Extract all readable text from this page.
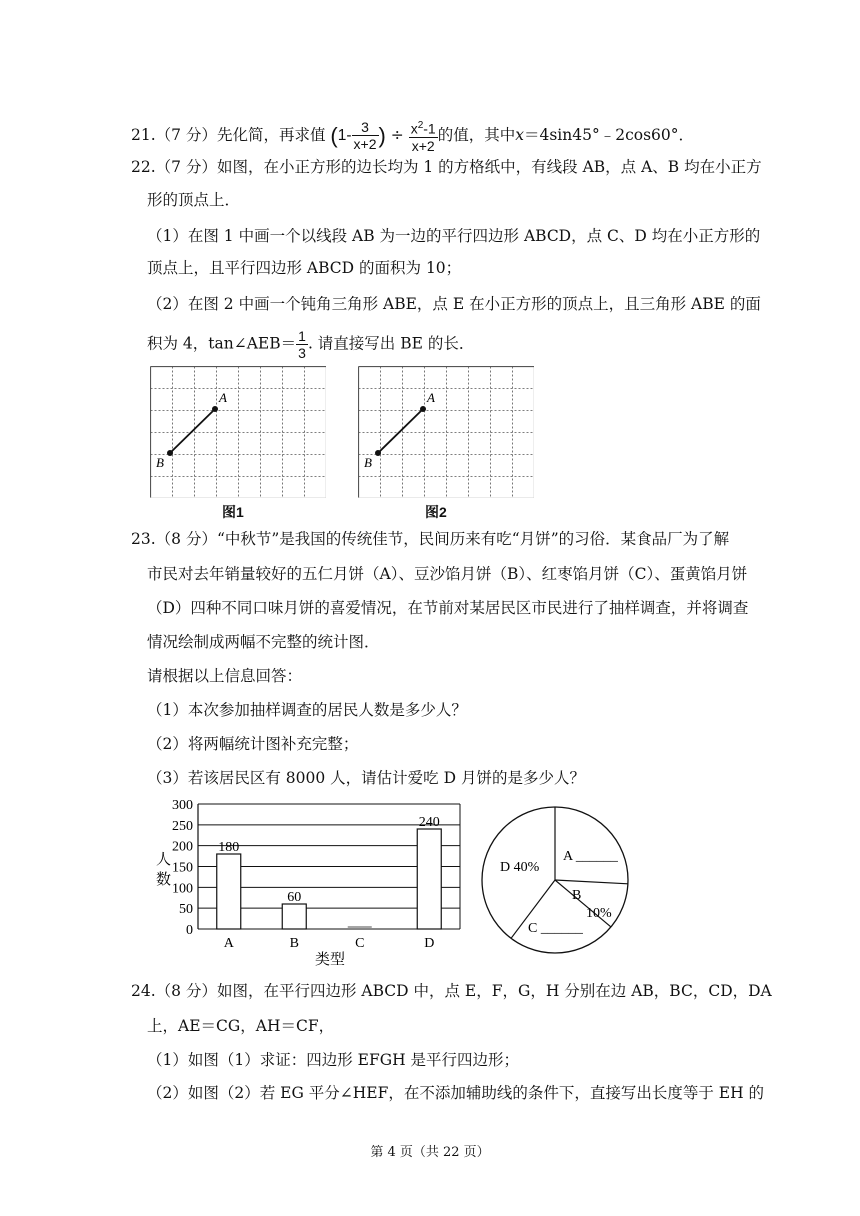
21.（7 分）先化简，再求值 ($1- \frac{3}{x+2}$ ) ÷ $\frac{x^2-1}{x+2}$ 的值，其中x＝4sin45°﹣2cos60°．
22.（7 分）如图，在小正方形的边长均为 1 的方格纸中，有线段 AB，点 A、B 均在小正方
形的顶点上．
（1）在图 1 中画一个以线段 AB 为一边的平行四边形 ABCD，点 C、D 均在小正方形的
顶点上，且平行四边形 ABCD 的面积为 10；
（2）在图 2 中画一个钝角三角形 ABE，点 E 在小正方形的顶点上，且三角形 ABE 的面
积为 4，tan∠AEB＝ $\frac{1}{3}$ . 请直接写出 BE 的长．
A
B
A
B
图1	图2
23.（8 分）“中秋节”是我国的传统佳节，民间历来有吃“月饼”的习俗．某食品厂为了解
市民对去年销量较好的五仁月饼（A）、豆沙馅月饼（B）、红枣馅月饼（C）、蛋黄馅月饼
（D）四种不同口味月饼的喜爱情况，在节前对某居民区市民进行了抽样调查，并将调查
情况绘制成两幅不完整的统计图．
请根据以上信息回答：
（1）本次参加抽样调查的居民人数是多少人？
（2）将两幅统计图补充完整；
（3）若该居民区有 8000 人，请估计爱吃 D 月饼的是多少人？
0
50
100
150
200
250
300
180
A
60
B	C
240
D
人
数
类型
A ______
B
10%
C ______
D 40%
24.（8 分）如图，在平行四边形 ABCD 中，点 E，F，G，H 分别在边 AB，BC，CD，DA
上，AE＝CG，AH＝CF，
（1）如图（1）求证：四边形 EFGH 是平行四边形；
（2）如图（2）若 EG 平分∠HEF，在不添加辅助线的条件下，直接写出长度等于 EH 的
第 4 页（共 22 页）
